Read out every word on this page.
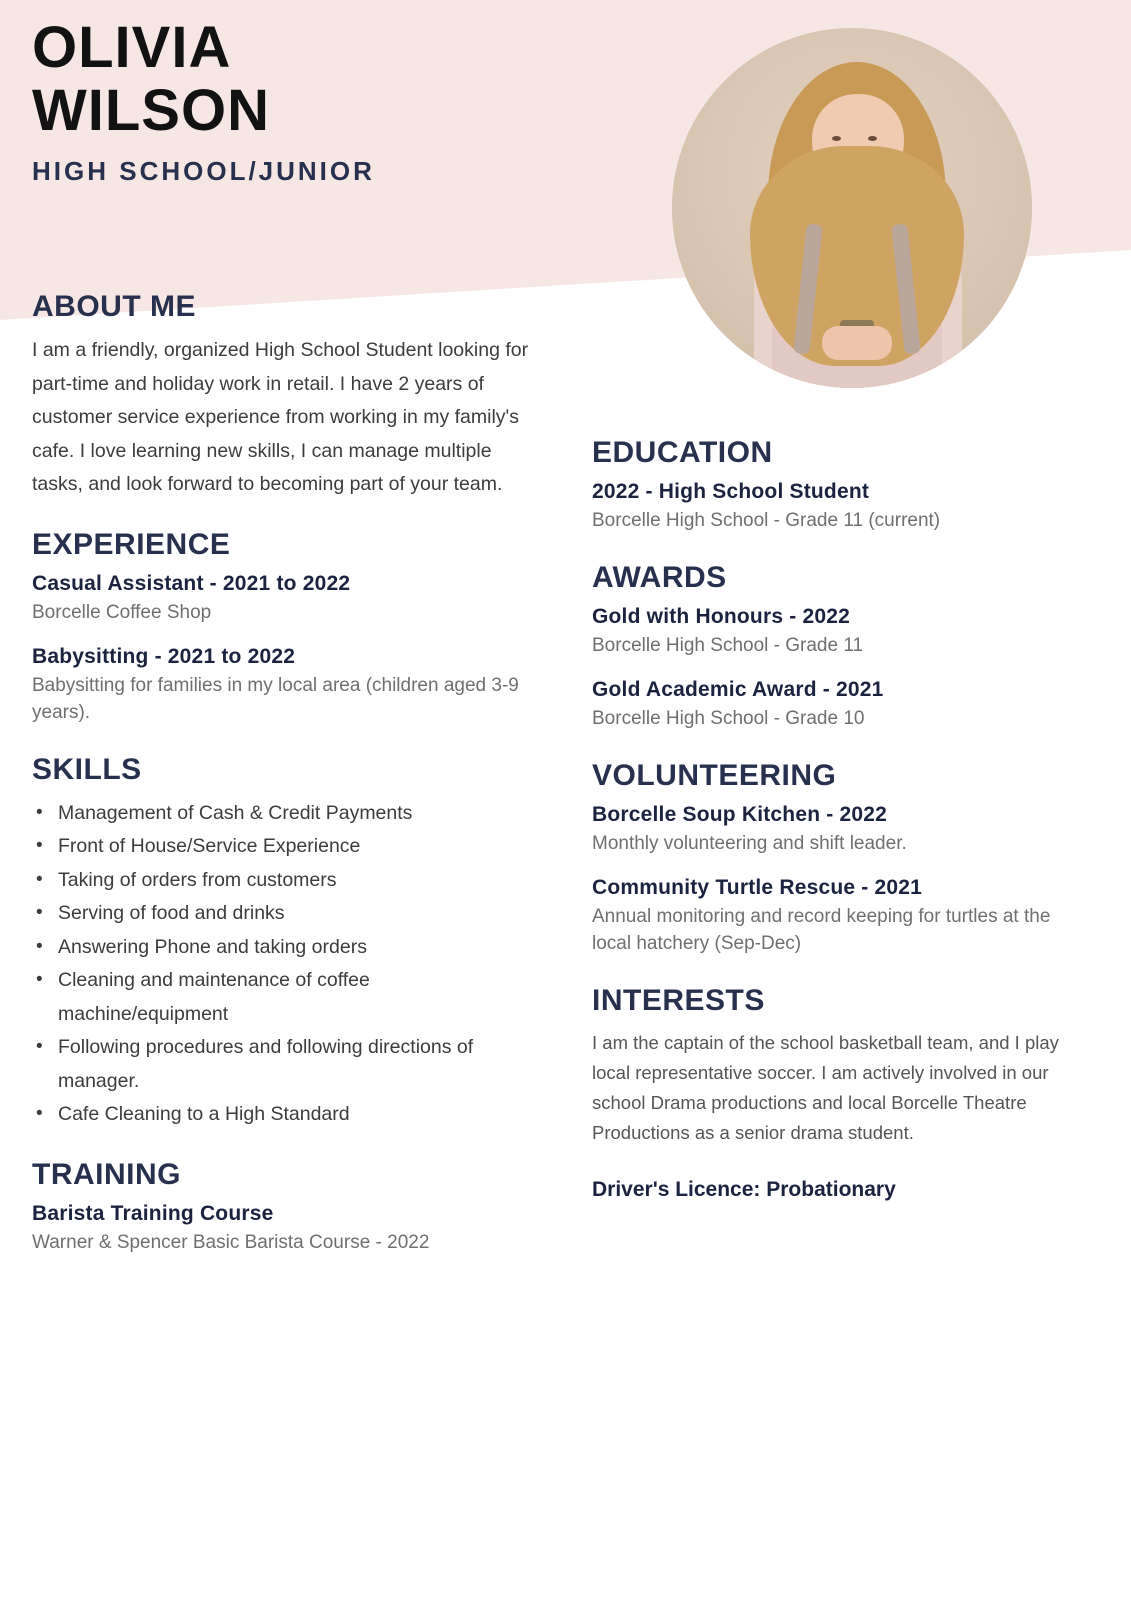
OLIVIA
WILSON
HIGH SCHOOL/JUNIOR
ABOUT ME

I am a friendly, organized High School Student looking for part-time and holiday work in retail. I have 2 years of customer service experience from working in my family's cafe. I love learning new skills, I can manage multiple tasks, and look forward to becoming part of your team.

EXPERIENCE

Casual Assistant - 2021 to 2022

Borcelle Coffee Shop

Babysitting - 2021 to 2022

Babysitting for families in my local area (children aged 3-9 years).

SKILLS
• Management of Cash & Credit Payments
• Front of House/Service Experience
• Taking of orders from customers
• Serving of food and drinks
• Answering Phone and taking orders
• Cleaning and maintenance of coffee machine/equipment
• Following procedures and following directions of manager.
• Cafe Cleaning to a High Standard
TRAINING

Barista Training Course

Warner & Spencer Basic Barista Course - 2022

EDUCATION

2022 - High School Student

Borcelle High School - Grade 11 (current)

AWARDS

Gold with Honours - 2022

Borcelle High School - Grade 11

Gold Academic Award - 2021

Borcelle High School - Grade 10

VOLUNTEERING

Borcelle Soup Kitchen - 2022

Monthly volunteering and shift leader.

Community Turtle Rescue - 2021

Annual monitoring and record keeping for turtles at the local hatchery (Sep-Dec)

INTERESTS

I am the captain of the school basketball team, and I play local representative soccer. I am actively involved in our school Drama productions and local Borcelle Theatre Productions as a senior drama student.

Driver's Licence: Probationary
